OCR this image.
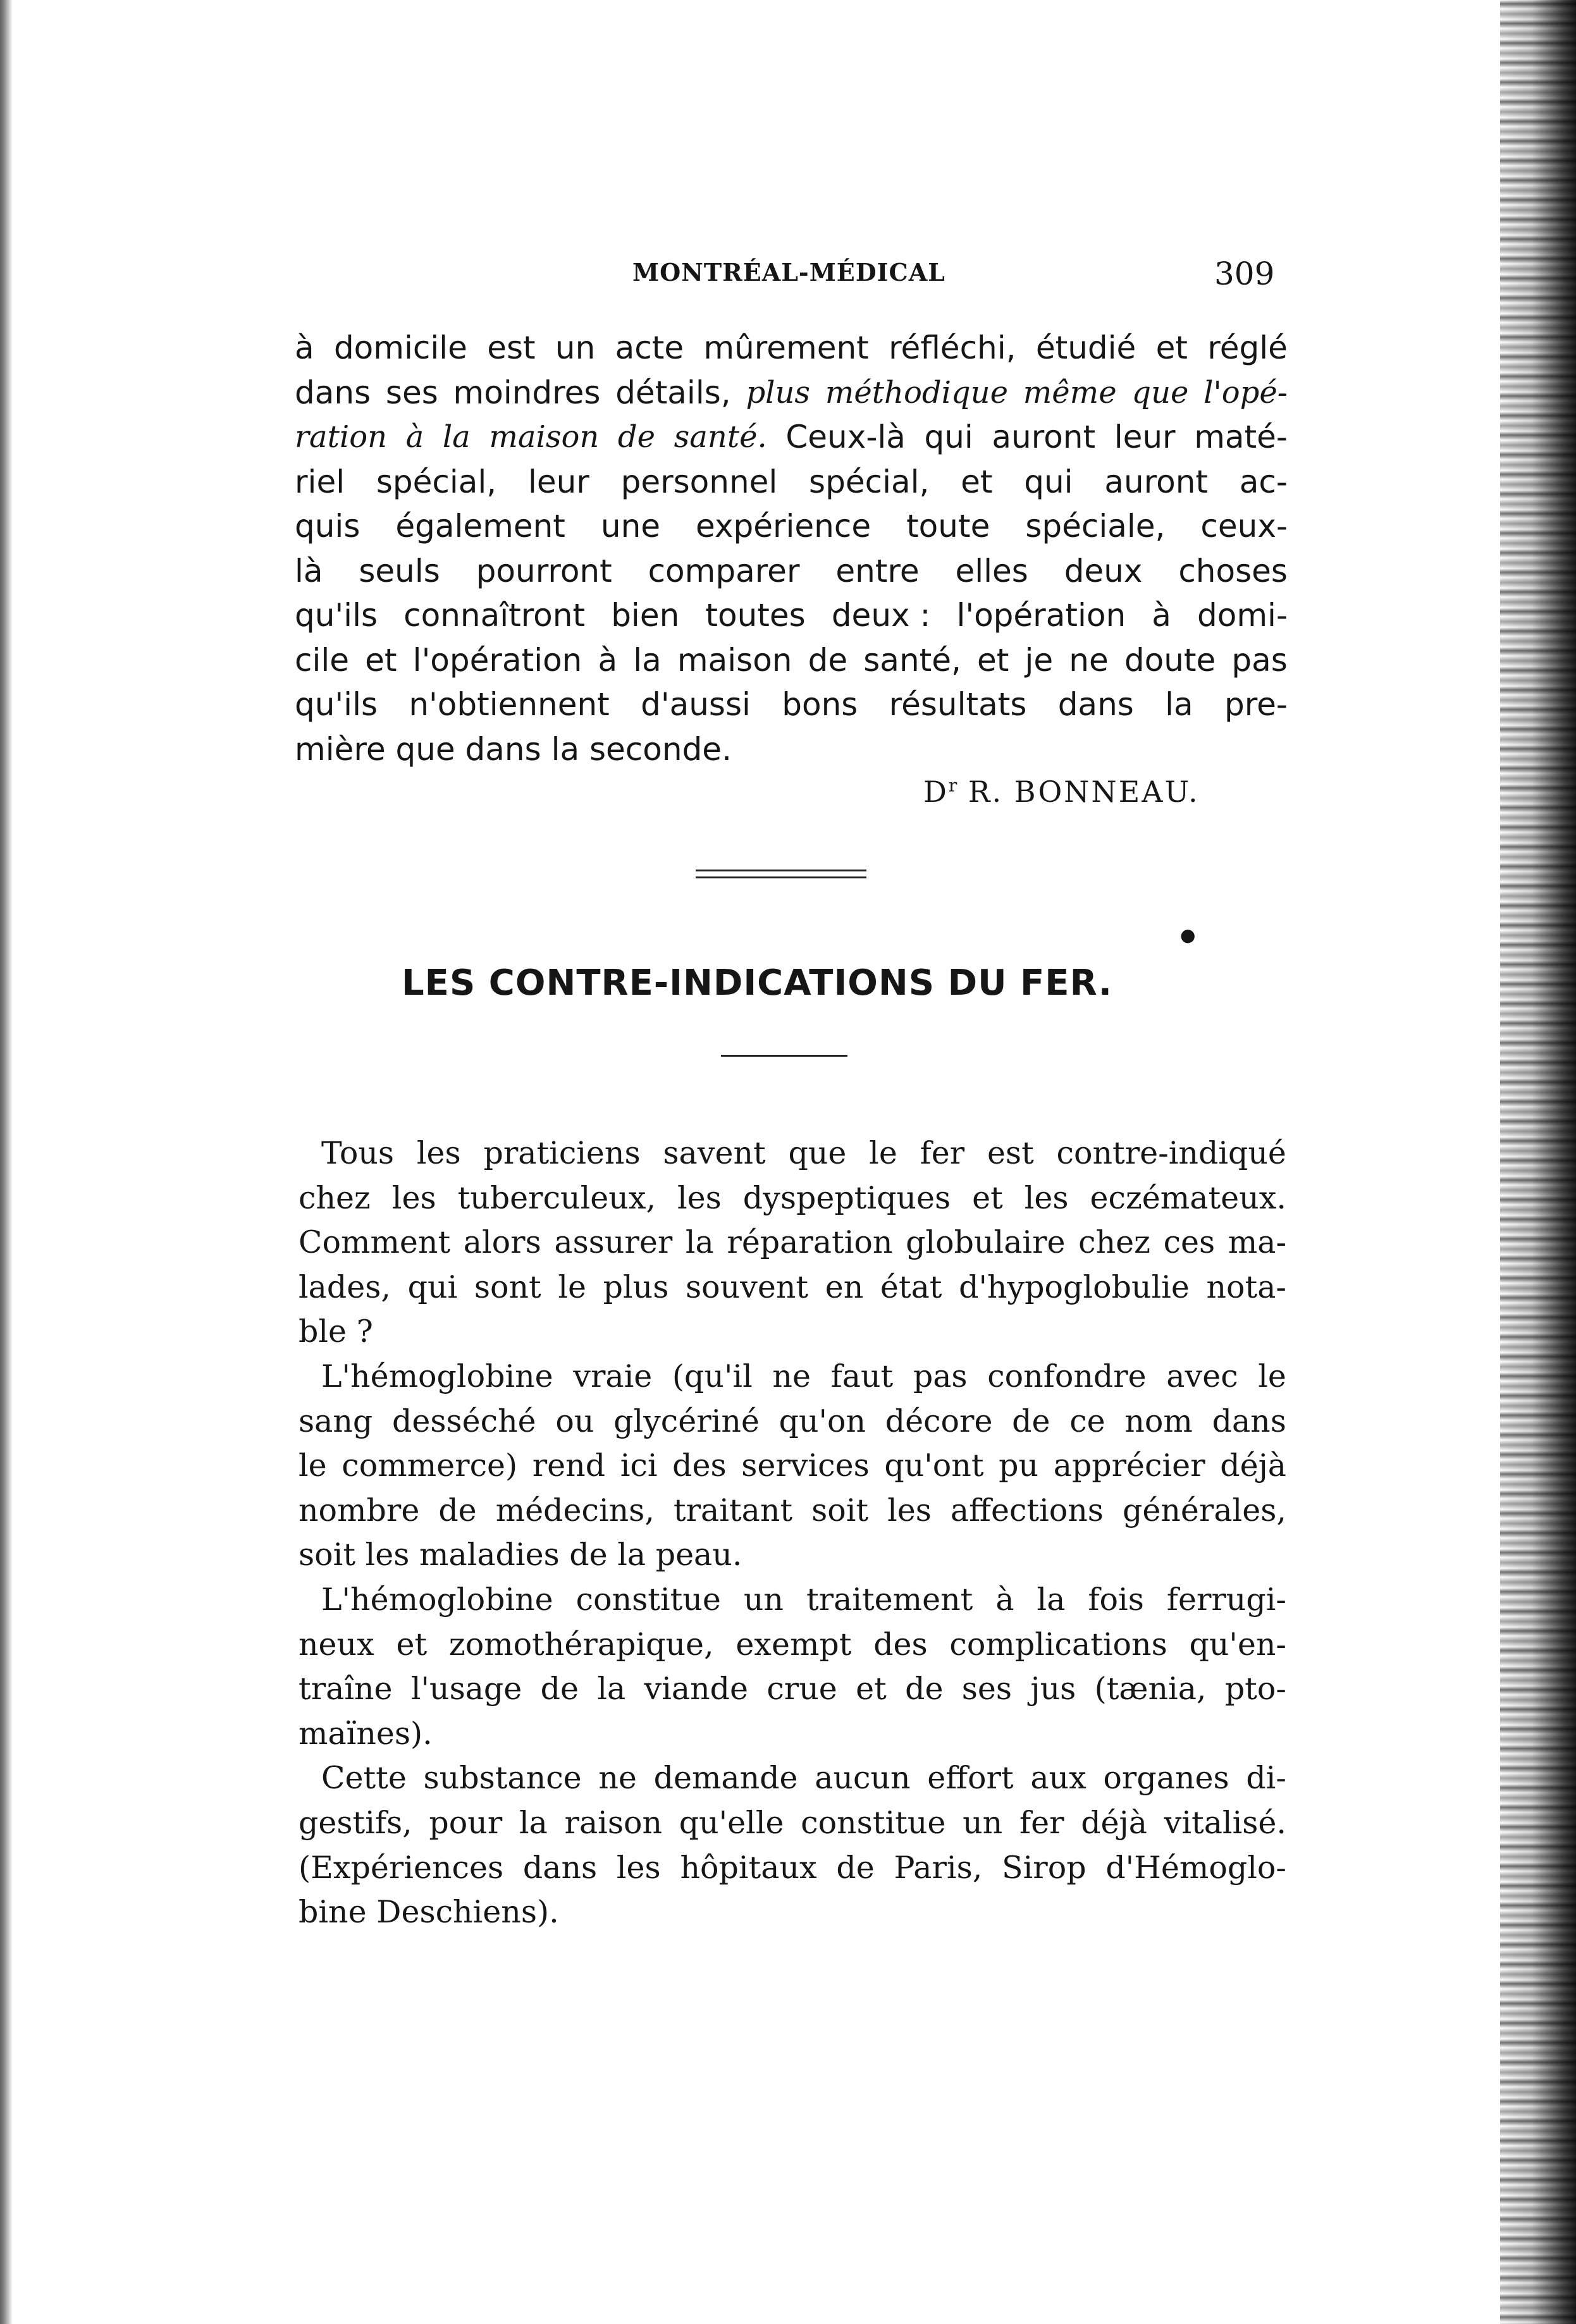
MONTRÉAL-MÉDICAL	309
à domicile est un acte mûrement réfléchi, étudié et réglé
dans ses moindres détails, plus méthodique même que l'opé-
ration à la maison de santé. Ceux-là qui auront leur maté-
riel spécial, leur personnel spécial, et qui auront ac-
quis également une expérience toute spéciale, ceux-
là seuls pourront comparer entre elles deux choses
qu'ils connaîtront bien toutes deux : l'opération à domi-
cile et l'opération à la maison de santé, et je ne doute pas
qu'ils n'obtiennent d'aussi bons résultats dans la pre-
mière que dans la seconde.
$D^r$ R. BONNEAU.
●
LES CONTRE-INDICATIONS DU FER.
Tous les praticiens savent que le fer est contre-indiqué
chez les tuberculeux, les dyspeptiques et les eczémateux.
Comment alors assurer la réparation globulaire chez ces ma-
lades, qui sont le plus souvent en état d'hypoglobulie nota-
ble ?
L'hémoglobine vraie (qu'il ne faut pas confondre avec le
sang desséché ou glycériné qu'on décore de ce nom dans
le commerce) rend ici des services qu'ont pu apprécier déjà
nombre de médecins, traitant soit les affections générales,
soit les maladies de la peau.
L'hémoglobine constitue un traitement à la fois ferrugi-
neux et zomothérapique, exempt des complications qu'en-
traîne l'usage de la viande crue et de ses jus (tænia, pto-
maïnes).
Cette substance ne demande aucun effort aux organes di-
gestifs, pour la raison qu'elle constitue un fer déjà vitalisé.
(Expériences dans les hôpitaux de Paris, Sirop d'Hémoglo-
bine Deschiens).
